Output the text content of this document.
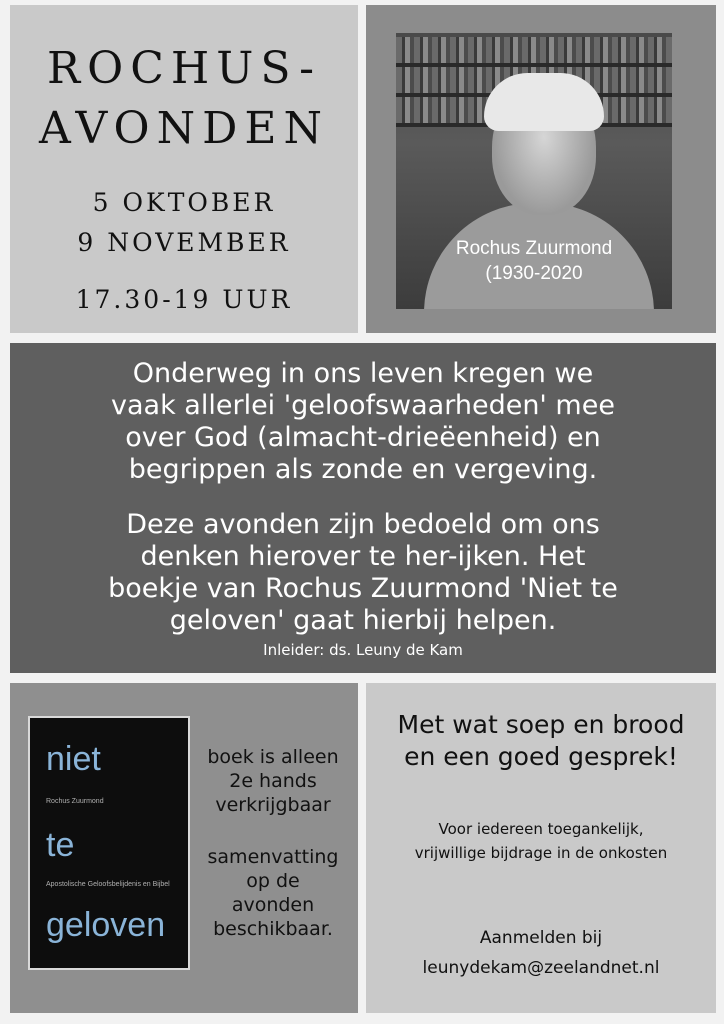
ROCHUS-
AVONDEN
5 OKTOBER
9 NOVEMBER
17.30-19 UUR
Rochus Zuurmond
(1930-2020
Onderweg in ons leven kregen we
vaak allerlei 'geloofswaarheden' mee
over God (almacht-drieëenheid) en
begrippen als zonde en vergeving.
Deze avonden zijn bedoeld om ons
denken hierover te her-ijken. Het
boekje van Rochus Zuurmond 'Niet te
geloven' gaat hierbij helpen.
Inleider: ds. Leuny de Kam
niet
Rochus Zuurmond
te
Apostolische Geloofsbelijdenis en Bijbel
geloven
boek is alleen
2e hands
verkrijgbaar
samenvatting
op de
avonden
beschikbaar.
Met wat soep en brood
en een goed gesprek!
Voor iedereen toegankelijk,
vrijwillige bijdrage in de onkosten
Aanmelden bij
leunydekam@zeelandnet.nl
